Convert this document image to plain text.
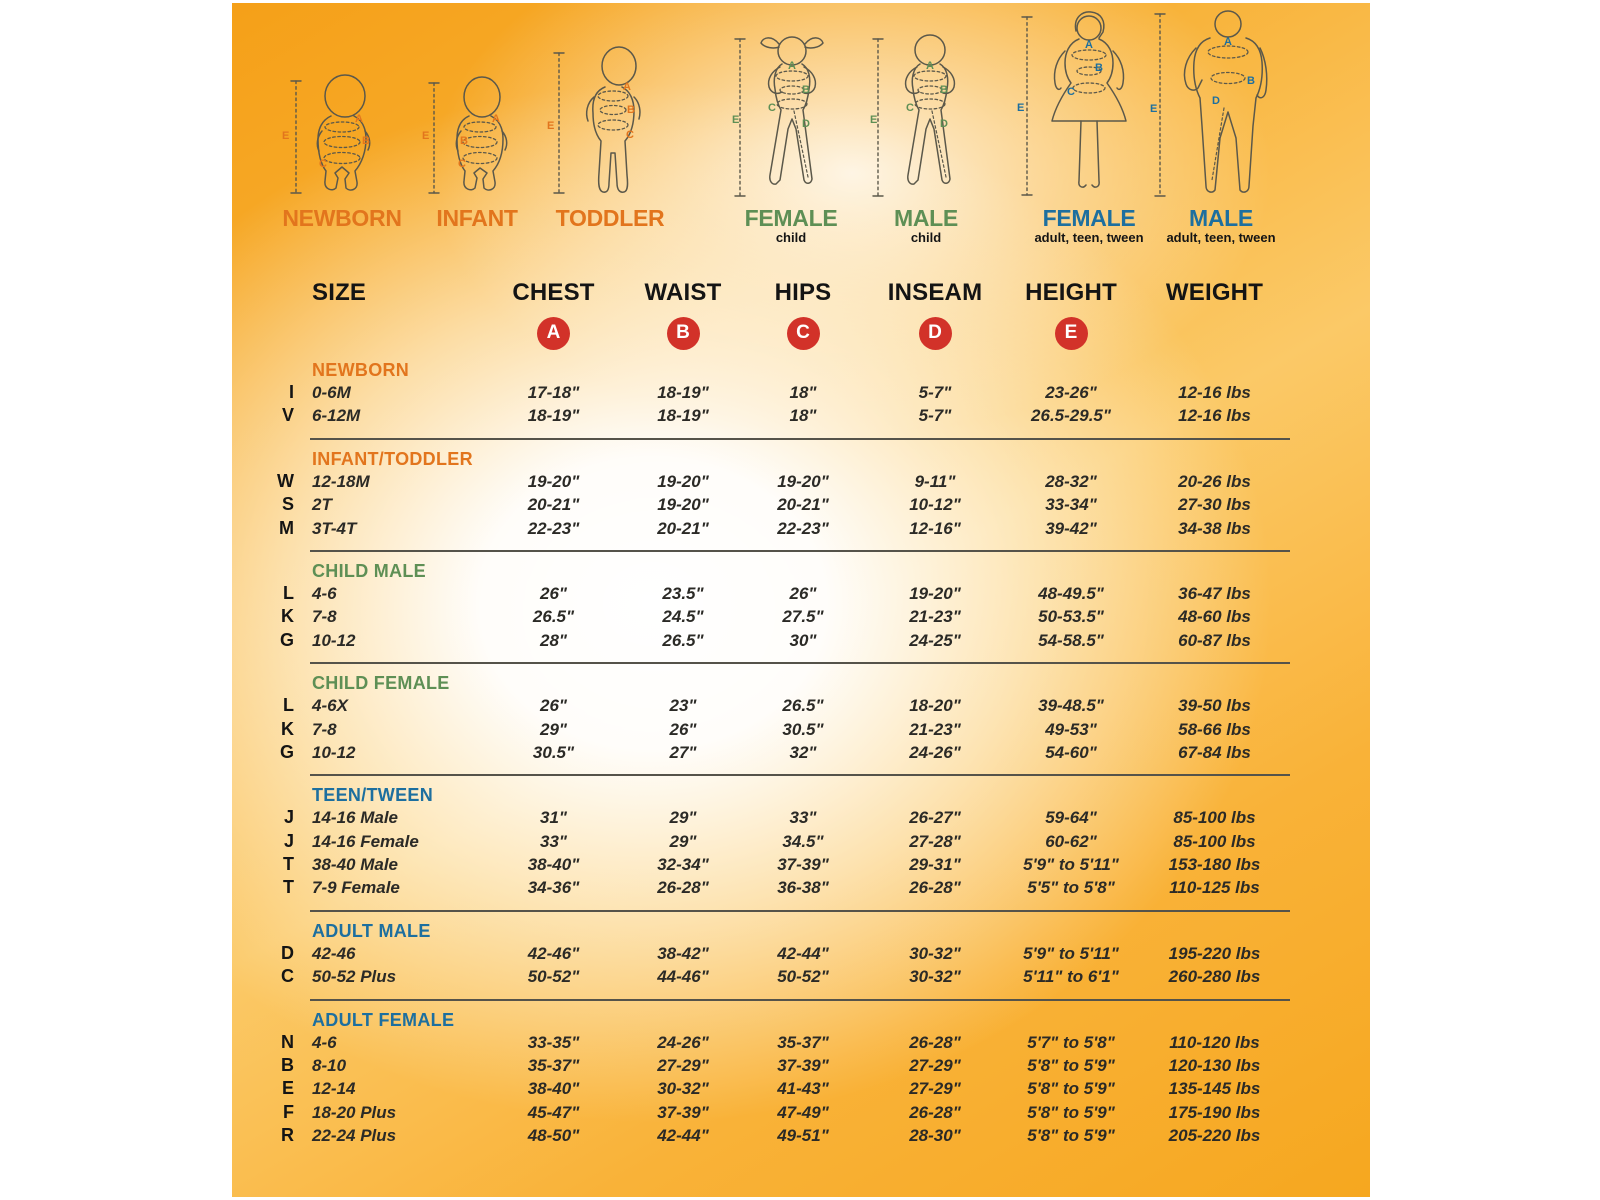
E
A
B
C
E
A
B
C
E
A
B
C
E
A
B
C
D	E
A
B
C
D
E
A
B
C
E
A
B
D
NEWBORN	INFANT	TODDLER	FEMALE
child
MALE
child
FEMALE
adult, teen, tween
MALE
adult, teen, tween
SIZE	CHEST	WAIST	HIPS	INSEAM	HEIGHT	WEIGHT
A	B	C	D	E
NEWBORN
I	0-6M	17-18"	18-19"	18"	5-7"	23-26"	12-16 lbs
V	6-12M	18-19"	18-19"	18"	5-7"	26.5-29.5"	12-16 lbs
INFANT/TODDLER
W	12-18M	19-20"	19-20"	19-20"	9-11"	28-32"	20-26 lbs
S	2T	20-21"	19-20"	20-21"	10-12"	33-34"	27-30 lbs
M	3T-4T	22-23"	20-21"	22-23"	12-16"	39-42"	34-38 lbs
CHILD MALE
L	4-6	26"	23.5"	26"	19-20"	48-49.5"	36-47 lbs
K	7-8	26.5"	24.5"	27.5"	21-23"	50-53.5"	48-60 lbs
G	10-12	28"	26.5"	30"	24-25"	54-58.5"	60-87 lbs
CHILD FEMALE
L	4-6X	26"	23"	26.5"	18-20"	39-48.5"	39-50 lbs
K	7-8	29"	26"	30.5"	21-23"	49-53"	58-66 lbs
G	10-12	30.5"	27"	32"	24-26"	54-60"	67-84 lbs
TEEN/TWEEN
J	14-16 Male	31"	29"	33"	26-27"	59-64"	85-100 lbs
J	14-16 Female	33"	29"	34.5"	27-28"	60-62"	85-100 lbs
T	38-40 Male	38-40"	32-34"	37-39"	29-31"	5'9" to 5'11"	153-180 lbs
T	7-9 Female	34-36"	26-28"	36-38"	26-28"	5'5" to 5'8"	110-125 lbs
ADULT MALE
D	42-46	42-46"	38-42"	42-44"	30-32"	5'9" to 5'11"	195-220 lbs
C	50-52 Plus	50-52"	44-46"	50-52"	30-32"	5'11" to 6'1"	260-280 lbs
ADULT FEMALE
N	4-6	33-35"	24-26"	35-37"	26-28"	5'7" to 5'8"	110-120 lbs
B	8-10	35-37"	27-29"	37-39"	27-29"	5'8" to 5'9"	120-130 lbs
E	12-14	38-40"	30-32"	41-43"	27-29"	5'8" to 5'9"	135-145 lbs
F	18-20 Plus	45-47"	37-39"	47-49"	26-28"	5'8" to 5'9"	175-190 lbs
R	22-24 Plus	48-50"	42-44"	49-51"	28-30"	5'8" to 5'9"	205-220 lbs
